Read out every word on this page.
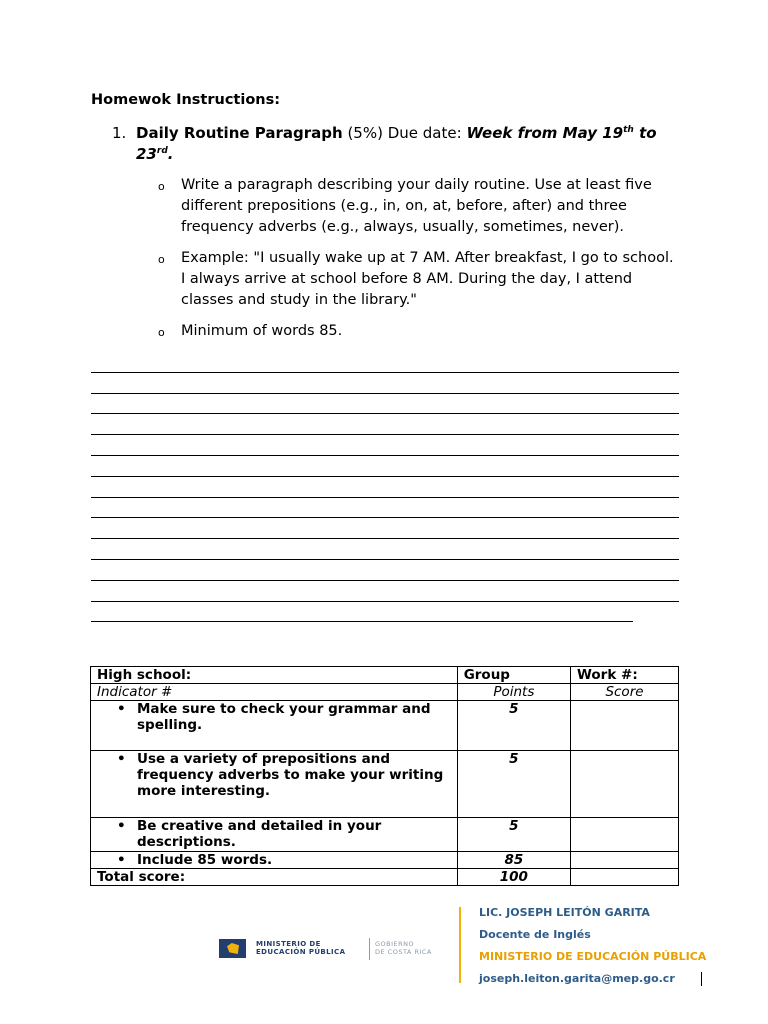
Homewok Instructions:
1. Daily Routine Paragraph (5%) Due date: Week from May 19th to 23rd.
o Write a paragraph describing your daily routine. Use at least five different prepositions (e.g., in, on, at, before, after) and three frequency adverbs (e.g., always, usually, sometimes, never).
o Example: "I usually wake up at 7 AM. After breakfast, I go to school. I always arrive at school before 8 AM. During the day, I attend classes and study in the library."
o Minimum of words 85.
High school:	Group	Work #:
Indicator #	Points	Score

• Make sure to check your grammar and spelling.	5	

• Use a variety of prepositions and frequency adverbs to make your writing more interesting.	5	

• Be creative and detailed in your descriptions.	5	

• Include 85 words.	85	
Total score:	100	
MINISTERIO DE
EDUCACIÓN PÚBLICA
GOBIERNO
DE COSTA RICA
LIC. JOSEPH LEITÓN GARITA
Docente de Inglés
MINISTERIO DE EDUCACIÓN PÚBLICA
joseph.leiton.garita@mep.go.cr
